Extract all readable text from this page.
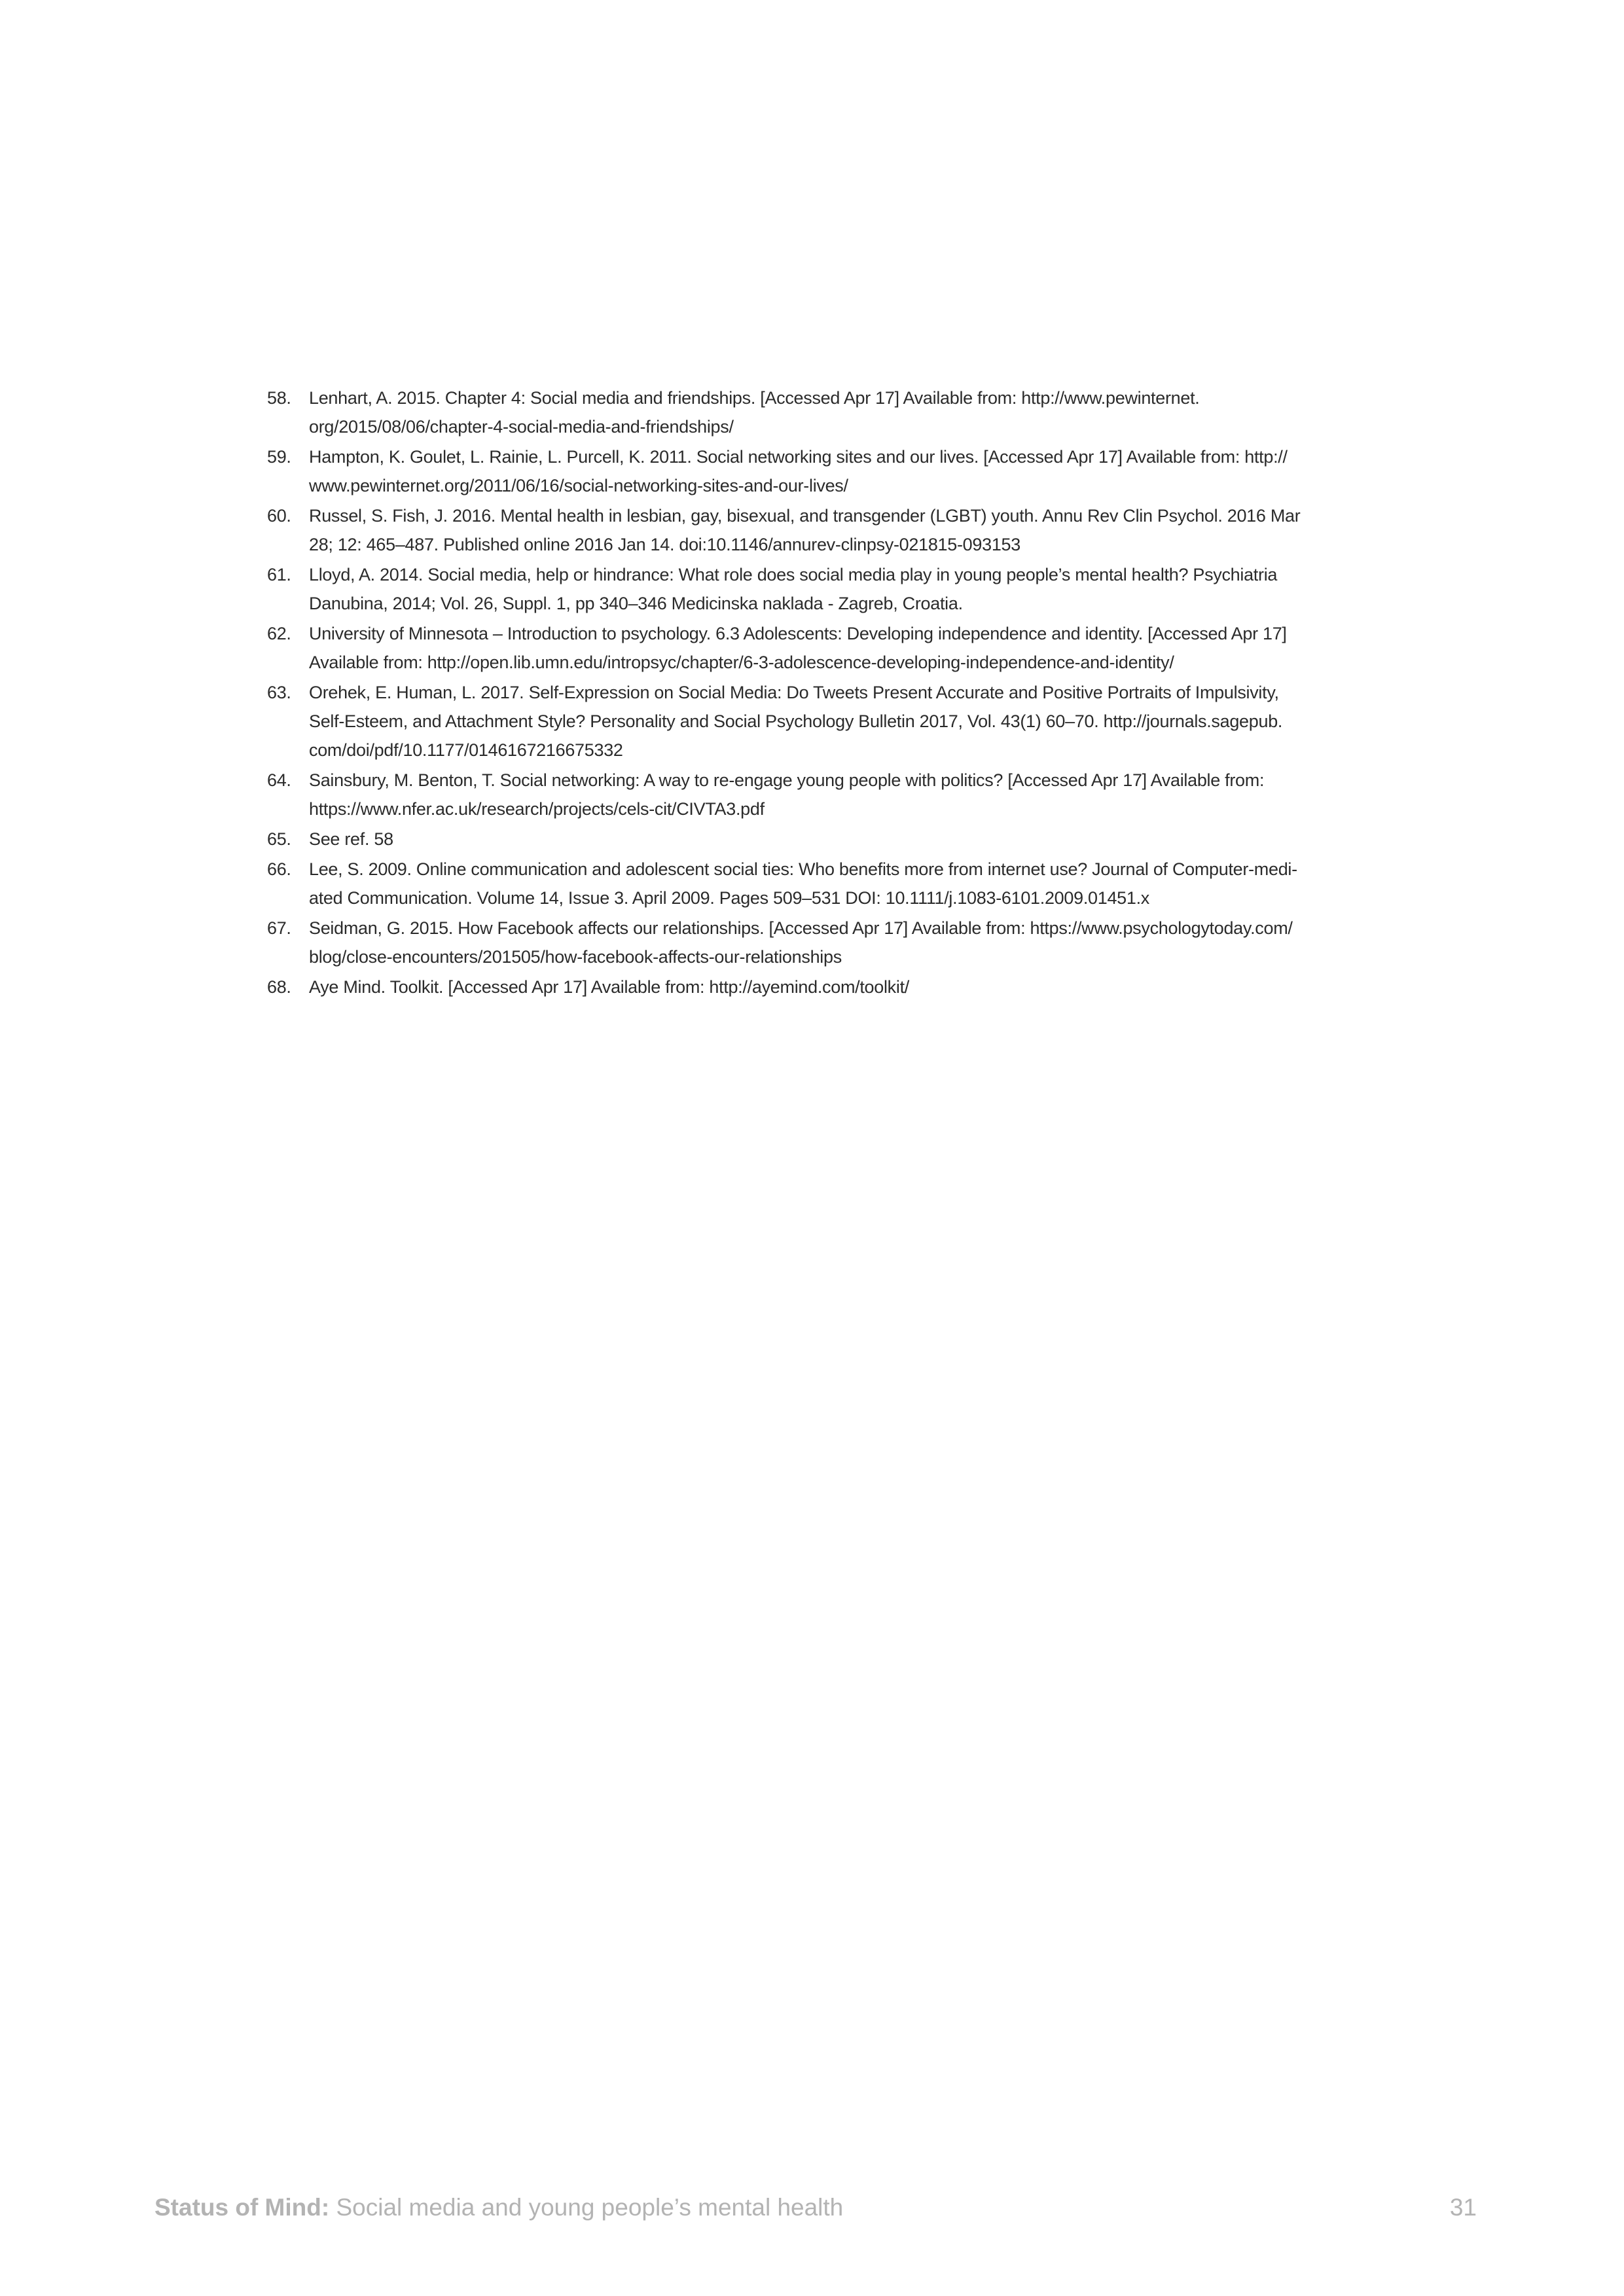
58.	Lenhart, A. 2015. Chapter 4: Social media and friendships. [Accessed Apr 17] Available from: http://www.pewinternet.
org/2015/08/06/chapter-4-social-media-and-friendships/
59.	Hampton, K. Goulet, L. Rainie, L. Purcell, K. 2011. Social networking sites and our lives. [Accessed Apr 17] Available from: http://
www.pewinternet.org/2011/06/16/social-networking-sites-and-our-lives/
60.	Russel, S. Fish, J. 2016. Mental health in lesbian, gay, bisexual, and transgender (LGBT) youth. Annu Rev Clin Psychol. 2016 Mar
28; 12: 465–487. Published online 2016 Jan 14. doi:10.1146/annurev-clinpsy-021815-093153
61.	Lloyd, A. 2014. Social media, help or hindrance: What role does social media play in young people’s mental health? Psychiatria
Danubina, 2014; Vol. 26, Suppl. 1, pp 340–346 Medicinska naklada - Zagreb, Croatia.
62.	University of Minnesota – Introduction to psychology. 6.3 Adolescents: Developing independence and identity. [Accessed Apr 17]
Available from: http://open.lib.umn.edu/intropsyc/chapter/6-3-adolescence-developing-independence-and-identity/
63.	Orehek, E. Human, L. 2017. Self-Expression on Social Media: Do Tweets Present Accurate and Positive Portraits of Impulsivity,
Self-Esteem, and Attachment Style? Personality and Social Psychology Bulletin 2017, Vol. 43(1) 60–70. http://journals.sagepub.
com/doi/pdf/10.1177/0146167216675332
64.	Sainsbury, M. Benton, T. Social networking: A way to re-engage young people with politics? [Accessed Apr 17] Available from:
https://www.nfer.ac.uk/research/projects/cels-cit/CIVTA3.pdf
65.	See ref. 58
66.	Lee, S. 2009. Online communication and adolescent social ties: Who benefits more from internet use? Journal of Computer-medi-
ated Communication. Volume 14, Issue 3. April 2009. Pages 509–531 DOI: 10.1111/j.1083-6101.2009.01451.x
67.	Seidman, G. 2015. How Facebook affects our relationships. [Accessed Apr 17] Available from: https://www.psychologytoday.com/
blog/close-encounters/201505/how-facebook-affects-our-relationships
68.	Aye Mind. Toolkit. [Accessed Apr 17] Available from: http://ayemind.com/toolkit/
Status of Mind: Social media and young people’s mental health	31
